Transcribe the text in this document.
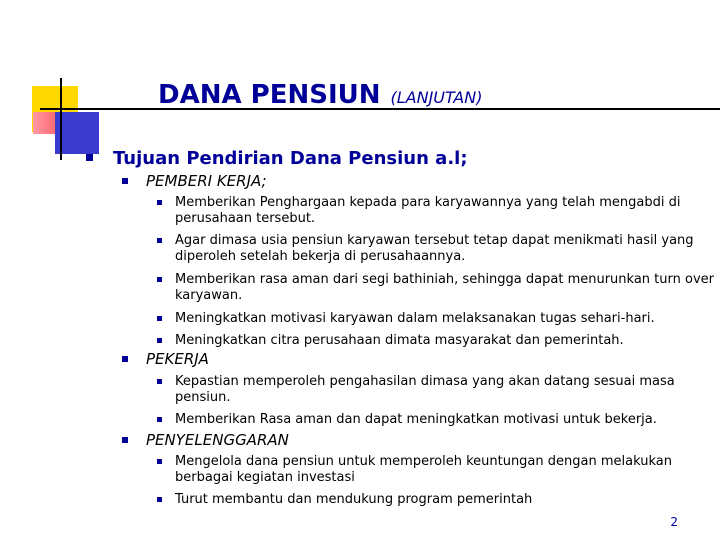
DANA PENSIUN (LANJUTAN)
Tujuan Pendirian Dana Pensiun a.l;
PEMBERI KERJA;
Memberikan Penghargaan kepada para karyawannya yang telah mengabdi di perusahaan tersebut.
Agar dimasa usia pensiun karyawan tersebut tetap dapat menikmati hasil yang diperoleh setelah bekerja di perusahaannya.
Memberikan rasa aman dari segi bathiniah, sehingga dapat menurunkan turn over karyawan.
Meningkatkan motivasi karyawan dalam melaksanakan tugas sehari-hari.
Meningkatkan citra perusahaan dimata masyarakat dan pemerintah.
PEKERJA
Kepastian memperoleh pengahasilan dimasa yang akan datang sesuai masa pensiun.
Memberikan Rasa aman dan dapat meningkatkan motivasi untuk bekerja.
PENYELENGGARAN
Mengelola dana pensiun untuk memperoleh keuntungan dengan melakukan berbagai kegiatan investasi
Turut membantu dan mendukung program pemerintah
2
